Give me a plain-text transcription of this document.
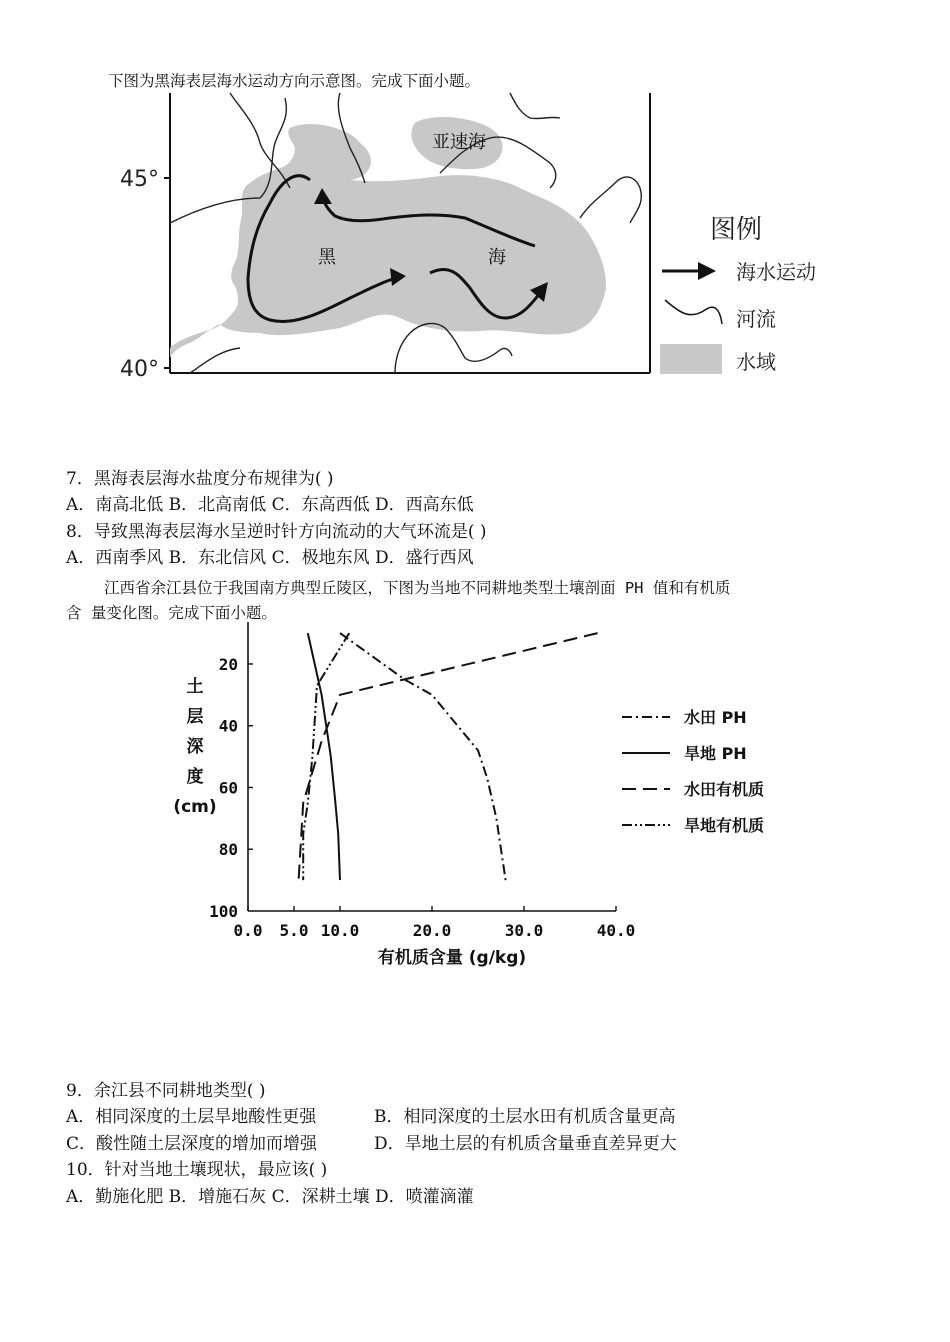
下图为黑海表层海水运动方向示意图。完成下面小题。
45°
40°
亚速海
黑	海
图例
海水运动
河流
水域
7．黑海表层海水盐度分布规律为( )
A．南高北低 B．北高南低 C．东高西低 D．西高东低
8．导致黑海表层海水呈逆时针方向流动的大气环流是( )
A．西南季风 B．东北信风 C．极地东风 D．盛行西风
江西省余江县位于我国南方典型丘陵区，下图为当地不同耕地类型土壤剖面 PH 值和有机质
含 量变化图。完成下面小题。
20
40
60
80
100
0.0 5.0 10.0	20.0	30.0	40.0
有机质含量 (g/kg)
土
层
深
度
(cm)
水田 PH
旱地 PH
水田有机质
旱地有机质
9．余江县不同耕地类型( )
A．相同深度的土层旱地酸性更强	B．相同深度的土层水田有机质含量更高
C．酸性随土层深度的增加而增强	D．旱地土层的有机质含量垂直差异更大
10．针对当地土壤现状，最应该( )
A．勤施化肥 B．增施石灰 C．深耕土壤 D．喷灌滴灌
